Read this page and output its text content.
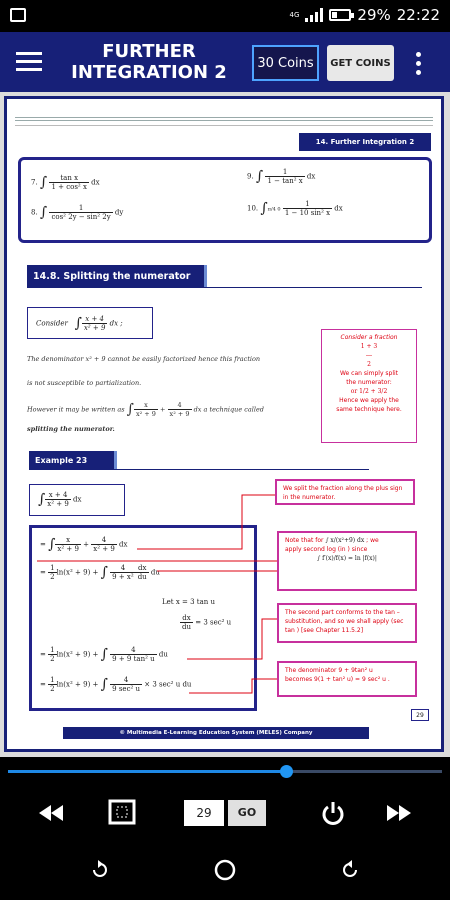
4G	29% 22:22
FURTHER INTEGRATION 2	30 Coins	GET COINS
14. Further Integration 2
7. ∫ $\frac{\text{tan x}}{\text{1 + cos² x}}$ dx
8. ∫ $\frac{1}{\text{cos² 2y − sin² 2y}}$ dy
9. ∫ $\frac{1}{\text{1 − tan² x}}$ dx
10. ∫π/4 $0 \frac{1}{\text{1 − 10 sin² x}}$ dx
14.8. Splitting the numerator
Consider ∫ $\frac{x + 4}{\text{x² + 9}}$ dx ;
The denominator x² + 9 cannot be easily factorized hence this fraction
is not susceptible to partialization.
However it may be written as ∫ $\frac{x}{\text{x² + 9}} + \frac{4}{\text{x² + 9}}$ dx a technique called
splitting the numerator.
Consider a fraction
1 + 3
―
2
We can simply split
the numerator:
or 1/2 + 3/2
Hence we apply the
same technique here.
Example 23
∫ $\frac{x + 4}{\text{x² + 9}}$ dx
= ∫ $\frac{x}{\text{x² + 9}} + \frac{4}{\text{x² + 9}}$ dx
= $\frac{1}{2} \ln(x^2 + 9)$ + ∫ $\frac{4}{\text{9 + x²}} \frac{dx}{du}$ du
Let x = 3 tan u
$\frac{dx}{du} = 3$ sec² u
= $\frac{1}{2} \ln(x^2 + 9)$ + ∫ $\frac{4}{\text{9 + 9 tan² u}}$ du
= $\frac{1}{2} \ln(x^2 + 9)$ + ∫	4
9 sec² u
× 3 sec² u du
We split the fraction along the plus sign in the numerator.
Note that for ∫ x/(x²+9) dx ; we
apply second log (in ) since
∫ f′(x)/f(x) = ln |f(x)|
The second part conforms to the tan – substitution, and so we shall apply (sec tan ) [see Chapter 11.5.2]
The denominator 9 + 9tan² u
becomes 9(1 + tan² u) = 9 sec² u .
29
© Multimedia E-Learning Education System (MELES) Company
29	GO
